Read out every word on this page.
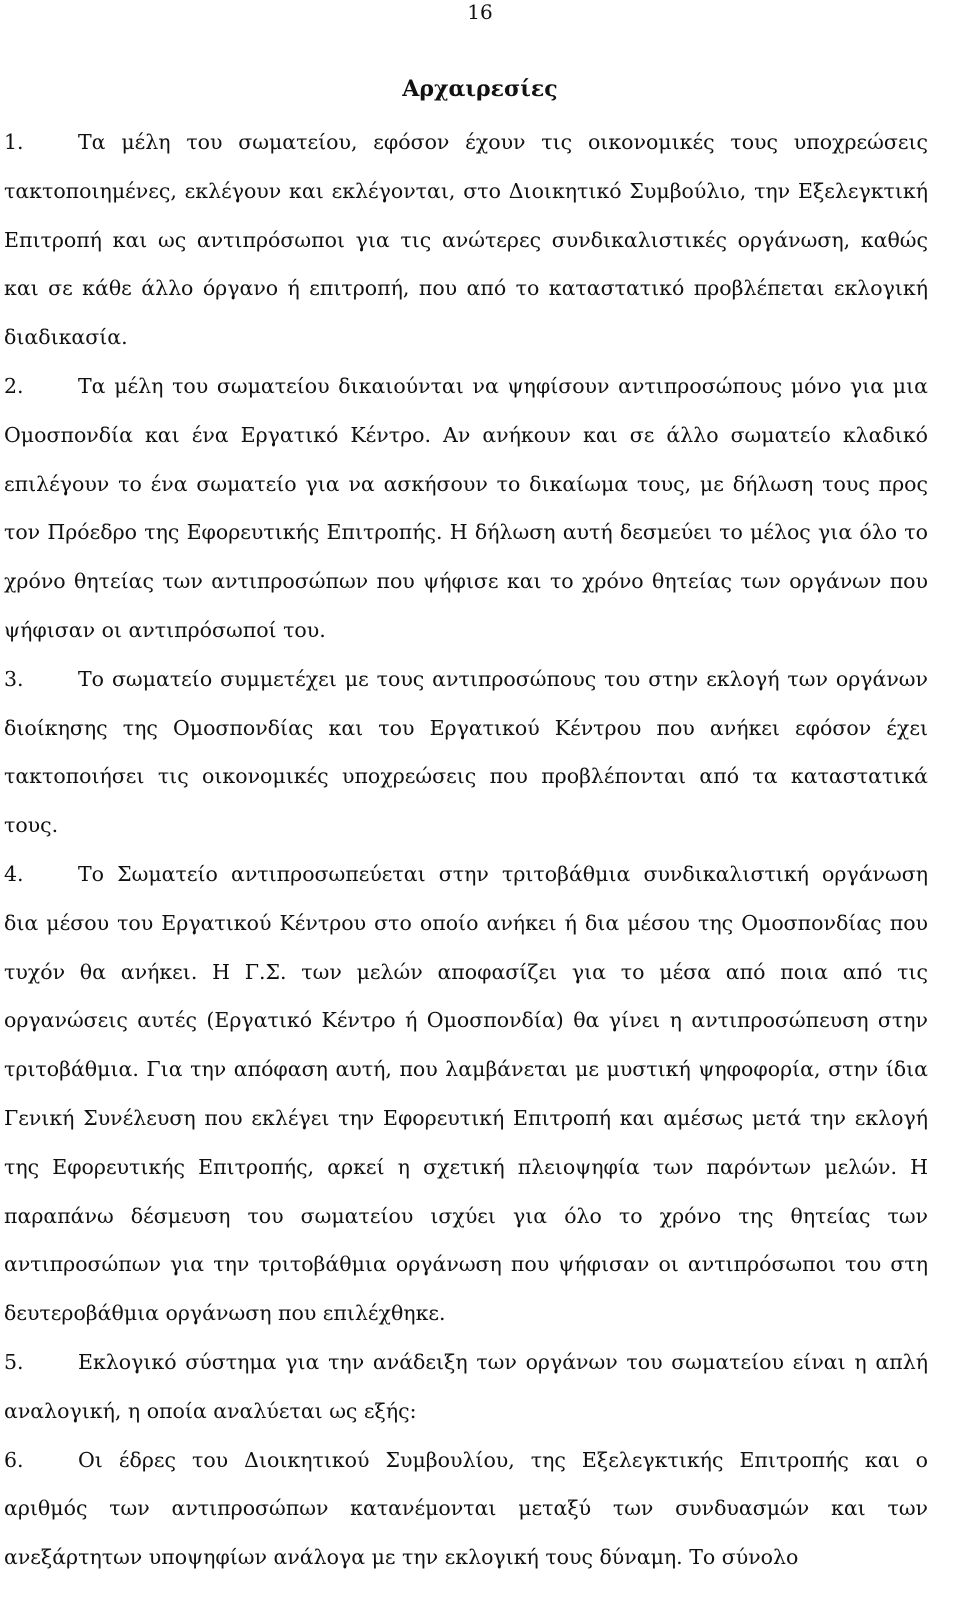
16
Αρχαιρεσίες

1.	Τα μέλη του σωματείου, εφόσον έχουν τις οικονομικές τους υποχρεώσεις τακτοποιημένες, εκλέγουν και εκλέγονται, στο Διοικητικό Συμβούλιο, την Εξελεγκτική Επιτροπή και ως αντιπρόσωποι για τις ανώτερες συνδικαλιστικές οργάνωση, καθώς και σε κάθε άλλο όργανο ή επιτροπή, που από το καταστατικό προβλέπεται εκλογική διαδικασία.

2.	Τα μέλη του σωματείου δικαιούνται να ψηφίσουν αντιπροσώπους μόνο για μια Ομοσπονδία και ένα Εργατικό Κέντρο. Αν ανήκουν και σε άλλο σωματείο κλαδικό επιλέγουν το ένα σωματείο για να ασκήσουν το δικαίωμα τους, με δήλωση τους προς τον Πρόεδρο της Εφορευτικής Επιτροπής. Η δήλωση αυτή δεσμεύει το μέλος για όλο το χρόνο θητείας των αντιπροσώπων που ψήφισε και το χρόνο θητείας των οργάνων που ψήφισαν οι αντιπρόσωποί του.

3.	Το σωματείο συμμετέχει με τους αντιπροσώπους του στην εκλογή των οργάνων διοίκησης της Ομοσπονδίας και του Εργατικού Κέντρου που ανήκει εφόσον έχει τακτοποιήσει τις οικονομικές υποχρεώσεις που προβλέπονται από τα καταστατικά τους.

4.	Το Σωματείο αντιπροσωπεύεται στην τριτοβάθμια συνδικαλιστική οργάνωση δια μέσου του Εργατικού Κέντρου στο οποίο ανήκει ή δια μέσου της Ομοσπονδίας που τυχόν θα ανήκει. Η Γ.Σ. των μελών αποφασίζει για το μέσα από ποια από τις οργανώσεις αυτές (Εργατικό Κέντρο ή Ομοσπονδία) θα γίνει η αντιπροσώπευση στην τριτοβάθμια. Για την απόφαση αυτή, που λαμβάνεται με μυστική ψηφοφορία, στην ίδια Γενική Συνέλευση που εκλέγει την Εφορευτική Επιτροπή και αμέσως μετά την εκλογή της Εφορευτικής Επιτροπής, αρκεί η σχετική πλειοψηφία των παρόντων μελών. Η παραπάνω δέσμευση του σωματείου ισχύει για όλο το χρόνο της θητείας των αντιπροσώπων για την τριτοβάθμια οργάνωση που ψήφισαν οι αντιπρόσωποι του στη δευτεροβάθμια οργάνωση που επιλέχθηκε.

5.	Εκλογικό σύστημα για την ανάδειξη των οργάνων του σωματείου είναι η απλή αναλογική, η οποία αναλύεται ως εξής:

6.	Οι έδρες του Διοικητικού Συμβουλίου, της Εξελεγκτικής Επιτροπής και ο αριθμός των αντιπροσώπων κατανέμονται μεταξύ των συνδυασμών και των ανεξάρτητων υποψηφίων ανάλογα με την εκλογική τους δύναμη. Το σύνολο
